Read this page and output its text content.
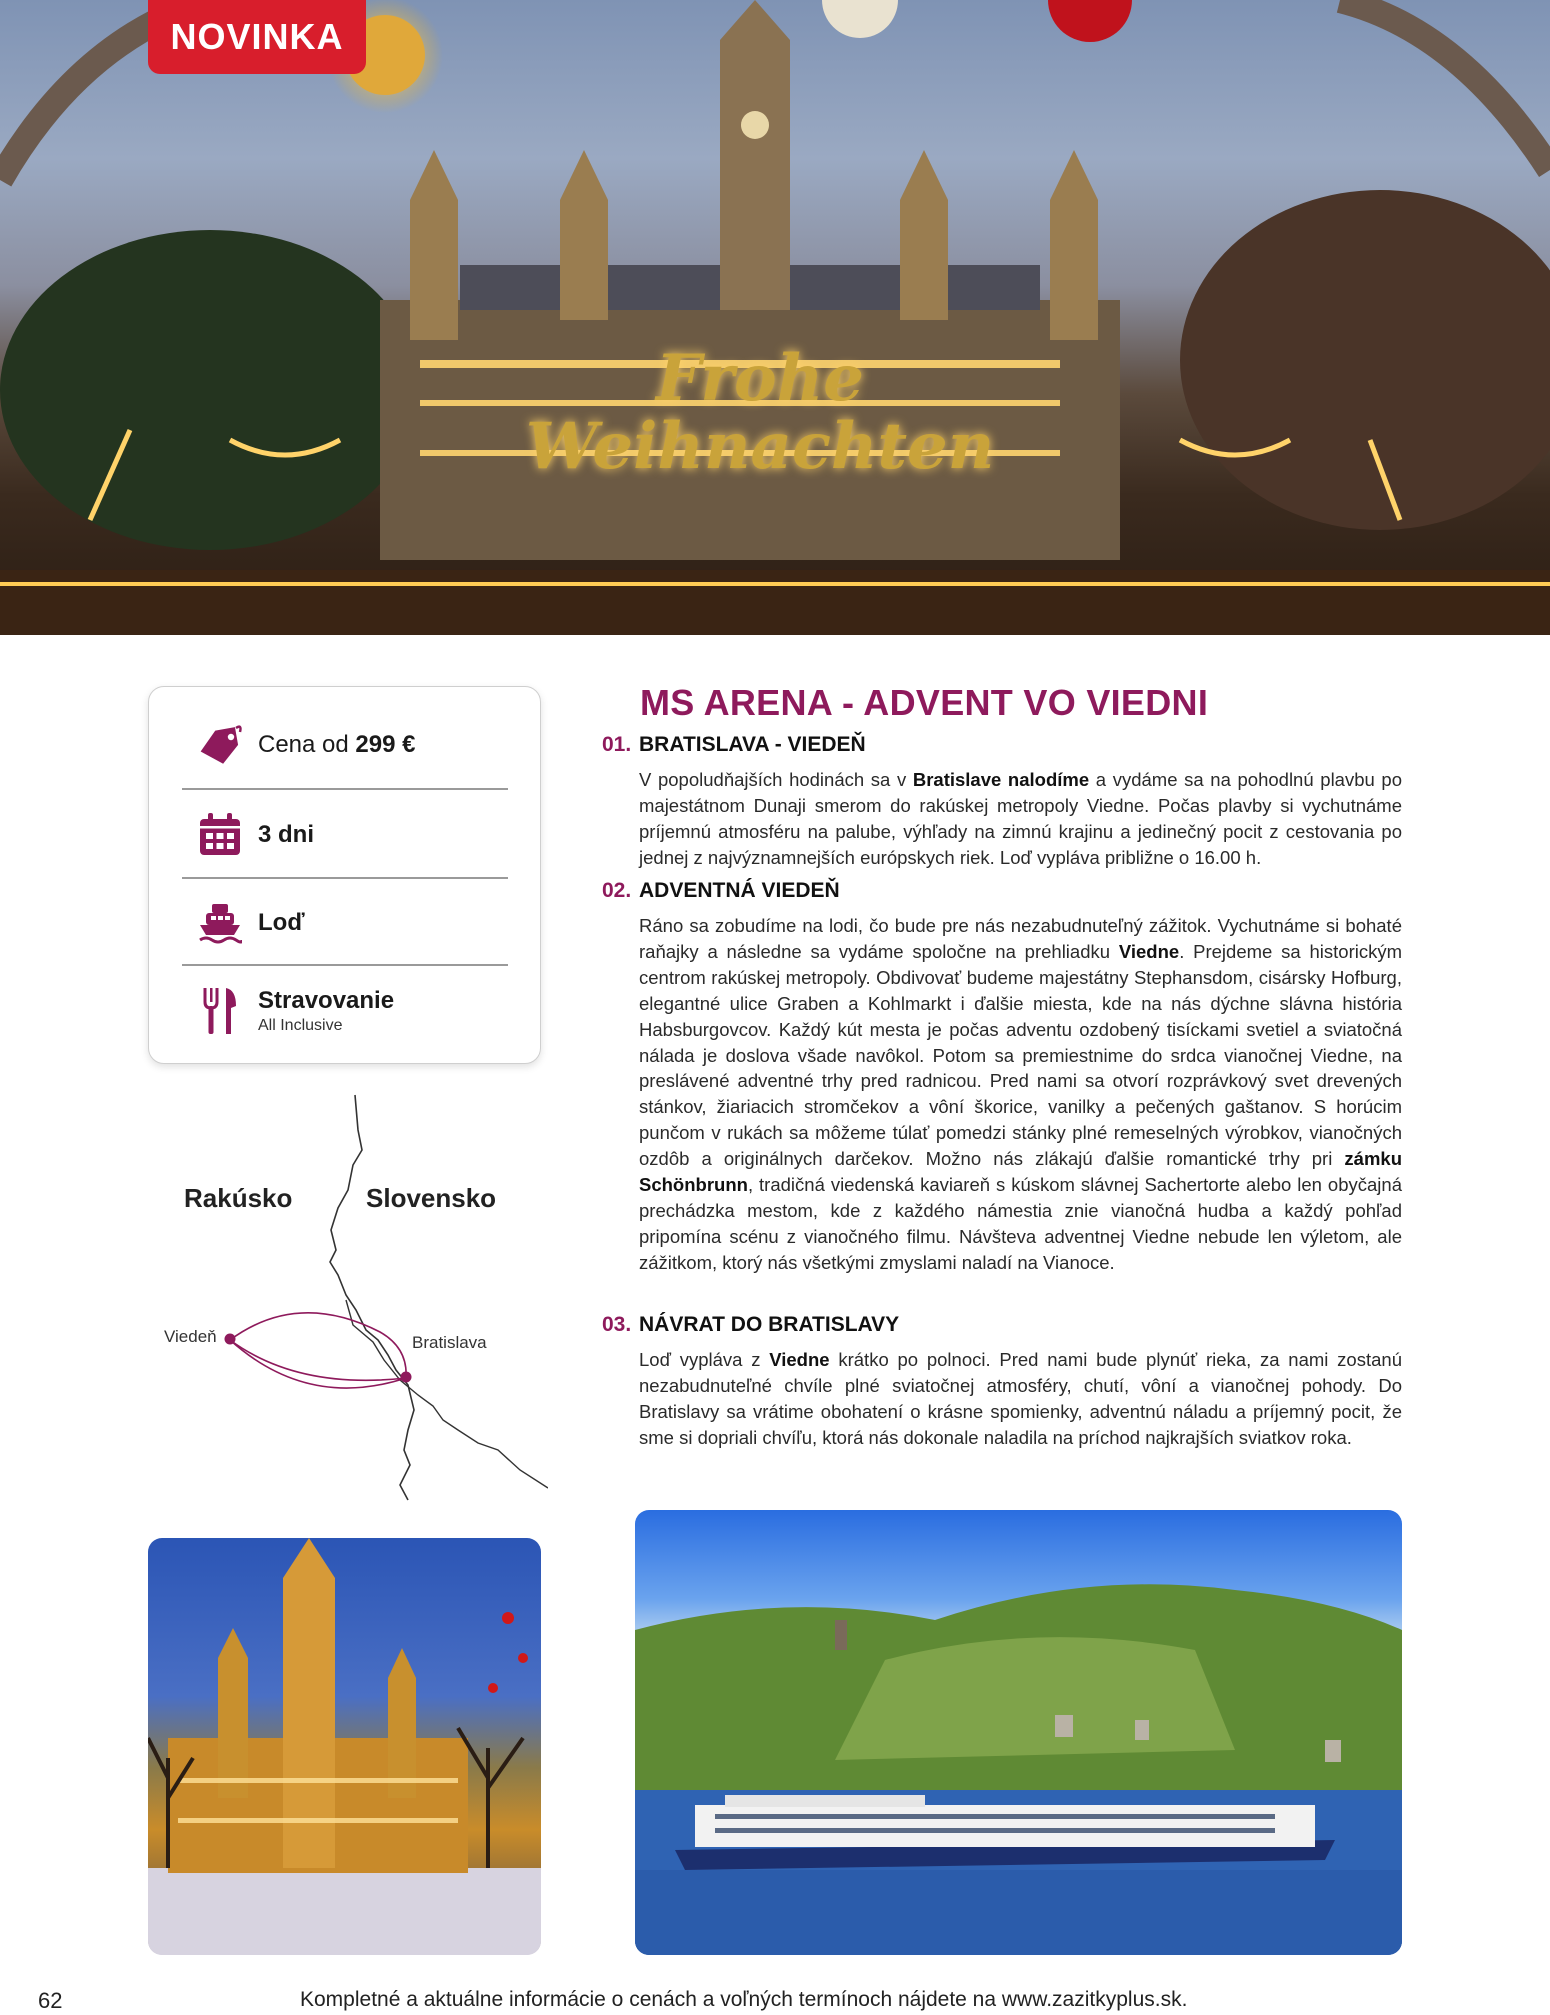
Frohe
Weihnachten
NOVINKA
Cena od 299 €
3 dni
Loď
Stravovanie
All Inclusive
Rakúsko	Slovensko
Viedeň	Bratislava
MS ARENA - ADVENT VO VIEDNI
01. BRATISLAVA - VIEDEŇ
V popoludňajších hodinách sa v Bratislave nalodíme a vydáme sa na pohodlnú plavbu po majestátnom Dunaji smerom do rakúskej metropoly Viedne. Počas plavby si vychutnáme príjemnú atmosféru na palube, výhľady na zimnú krajinu a jedinečný pocit z cestovania po jednej z najvýznamnejších európskych riek. Loď vypláva približne o 16.00 h.
02. ADVENTNÁ VIEDEŇ
Ráno sa zobudíme na lodi, čo bude pre nás nezabudnuteľný zážitok. Vychutnáme si bohaté raňajky a následne sa vydáme spoločne na prehliadku Viedne. Prejdeme sa historickým centrom rakúskej metropoly. Obdivovať budeme majestátny Stephansdom, cisársky Hofburg, elegantné ulice Graben a Kohlmarkt i ďalšie miesta, kde na nás dýchne slávna história Habsburgovcov. Každý kút mesta je počas adventu ozdobený tisíckami svetiel a sviatočná nálada je doslova všade navôkol. Potom sa premiestnime do srdca vianočnej Viedne, na preslávené adventné trhy pred radnicou. Pred nami sa otvorí rozprávkový svet drevených stánkov, žiariacich stromčekov a vôní škorice, vanilky a pečených gaštanov. S horúcim punčom v rukách sa môžeme túlať pomedzi stánky plné remeselných výrobkov, vianočných ozdôb a originálnych darčekov. Možno nás zlákajú ďalšie romantické trhy pri zámku Schönbrunn, tradičná viedenská kaviareň s kúskom slávnej Sachertorte alebo len obyčajná prechádzka mestom, kde z každého námestia znie vianočná hudba a každý pohľad pripomína scénu z vianočného filmu. Návšteva adventnej Viedne nebude len výletom, ale zážitkom, ktorý nás všetkými zmyslami naladí na Vianoce.
03. NÁVRAT DO BRATISLAVY
Loď vypláva z Viedne krátko po polnoci. Pred nami bude plynúť rieka, za nami zostanú nezabudnuteľné chvíle plné sviatočnej atmosféry, chutí, vôní a vianočnej pohody. Do Bratislavy sa vrátime obohatení o krásne spomienky, adventnú náladu a príjemný pocit, že sme si dopriali chvíľu, ktorá nás dokonale naladila na príchod najkrajších sviatkov roka.
62	Kompletné a aktuálne informácie o cenách a voľných termínoch nájdete na www.zazitkyplus.sk.
